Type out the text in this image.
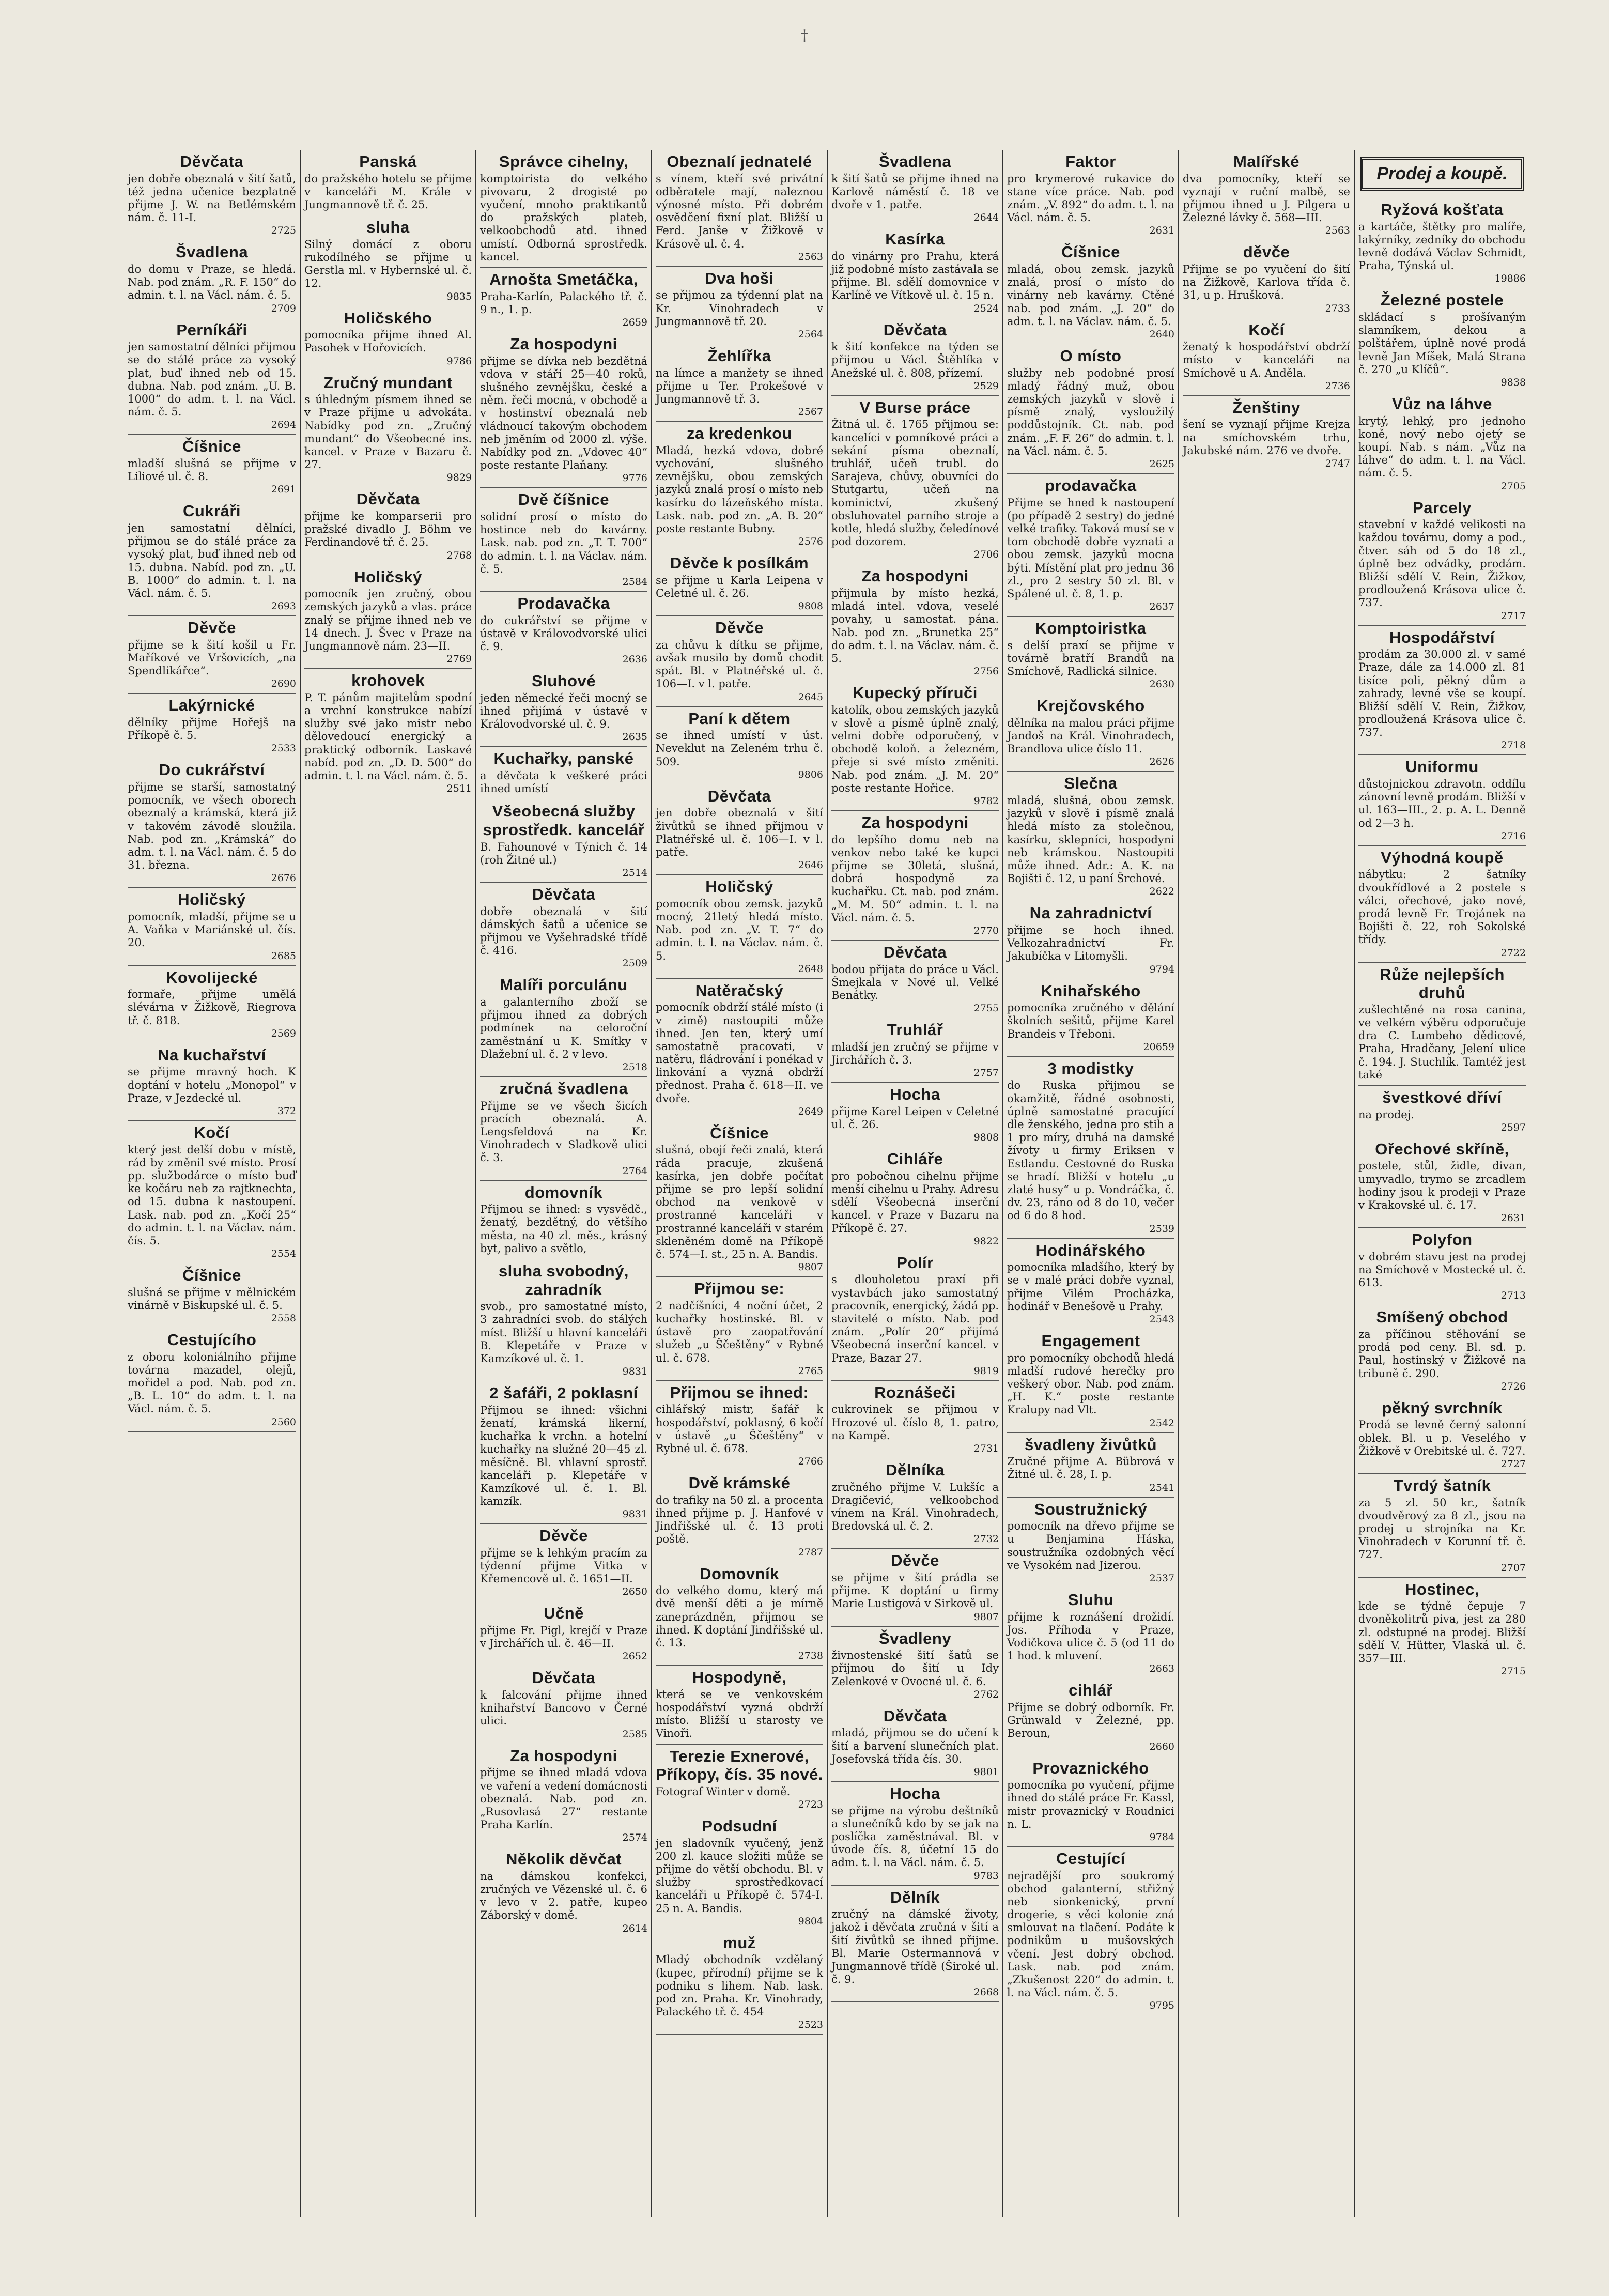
†
Děvčata

jen dobře obeznalá v šití šatů, též jedna učenice bezplatně přijme J. W. na Betlémském nám. č. 11-I.

2725
Švadlena

do domu v Praze, se hledá. Nab. pod znám. „R. F. 150“ do admin. t. l. na Václ. nám. č. 5.

2709
Perníkáři

jen samostatní dělníci přijmou se do stálé práce za vysoký plat, buď ihned neb od 15. dubna. Nab. pod znám. „U. B. 1000“ do adm. t. l. na Václ. nám. č. 5.

2694
Číšnice

mladší slušná se přijme v Liliové ul. č. 8.

2691
Cukráři

jen samostatní dělníci, přijmou se do stálé práce za vysoký plat, buď ihned neb od 15. dubna. Nabíd. pod zn. „U. B. 1000“ do admin. t. l. na Václ. nám. č. 5.

2693
Děvče

přijme se k šití košil u Fr. Maříkové ve Vršovicích, „na Spendlikářce“.

2690
Lakýrnické

dělníky přijme Hořejš na Příkopě č. 5.

2533
Do cukrářství

přijme se starší, samostatný pomocník, ve všech oborech obeznalý a krámská, která již v takovém závodě sloužila. Nab. pod zn. „Krámská“ do adm. t. l. na Václ. nám. č. 5 do 31. března.

2676
Holičský

pomocník, mladší, přijme se u A. Vaňka v Mariánské ul. čís. 20.

2685
Kovolijecké

formaře, přijme umělá slévárna v Žižkově, Riegrova tř. č. 818.

2569
Na kuchařství

se přijme mravný hoch. K doptání v hotelu „Monopol“ v Praze, v Jezdecké ul.

372
Kočí

který jest delší dobu v místě, rád by změnil své místo. Prosí pp. službodárce o místo buď ke kočáru neb za rajtknechta, od 15. dubna k nastoupení. Lask. nab. pod zn. „Kočí 25“ do admin. t. l. na Václav. nám. čís. 5.

2554
Číšnice

slušná se přijme v mělnickém vinárně v Biskupské ul. č. 5.

2558
Cestujícího

z oboru koloniálního přijme továrna mazadel, olejů, mořidel a pod. Nab. pod zn. „B. L. 10“ do adm. t. l. na Václ. nám. č. 5.

2560
Panská

do pražského hotelu se přijme v kanceláři M. Krále v Jungmannově tř. č. 25.

sluha

Silný domácí z oboru rukodílného se přijme u Gerstla ml. v Hybernské ul. č. 12.

9835
Holičského

pomocníka přijme ihned Al. Pasohek v Hořovicích.

9786
Zručný mundant

s úhledným písmem ihned se v Praze přijme u advokáta. Nabídky pod zn. „Zručný mundant“ do Všeobecné ins. kancel. v Praze v Bazaru č. 27.

9829
Děvčata

přijme ke komparserii pro pražské divadlo J. Böhm ve Ferdinandově tř. č. 25.

2768
Holičský

pomocník jen zručný, obou zemských jazyků a vlas. práce znalý se přijme ihned neb ve 14 dnech. J. Švec v Praze na Jungmannově nám. 23—II.

2769
krohovek

P. T. pánům majitelům spodní a vrchní konstrukce nabízí služby své jako mistr nebo dělovedoucí energický a praktický odborník. Laskavé nabíd. pod zn. „D. D. 500“ do admin. t. l. na Václ. nám. č. 5.

2511
Správce cihelny,

komptoirista do velkého pivovaru, 2 drogisté po vyučení, mnoho praktikantů do pražských plateb, velkoobchodů atd. ihned umístí. Odborná sprostředk. kancel.

Arnošta Smetáčka,

Praha-Karlín, Palackého tř. č. 9 n., 1. p.

2659
Za hospodyni

přijme se dívka neb bezdětná vdova v stáří 25—40 roků, slušného zevnějšku, české a něm. řeči mocná, v obchodě a v hostinství obeznalá neb vládnoucí takovým obchodem neb jměním od 2000 zl. výše. Nabídky pod zn. „Vdovec 40“ poste restante Plaňany.

9776
Dvě číšnice

solidní prosí o místo do hostince neb do kavárny. Lask. nab. pod zn. „T. T. 700“ do admin. t. l. na Václav. nám. č. 5.

2584
Prodavačka

do cukrářství se přijme v ústavě v Královodvorské ulici č. 9.

2636
Sluhové

jeden německé řeči mocný se ihned přijímá v ústavě v Královodvorské ul. č. 9.

2635
Kuchařky, panské

a děvčata k veškeré práci ihned umístí

Všeobecná služby sprostředk. kancelář

B. Fahounové v Týnich č. 14 (roh Žitné ul.)

2514
Děvčata

dobře obeznalá v šití dámských šatů a učenice se přijmou ve Vyšehradské třídě č. 416.

2509
Malíři porculánu

a galanterního zboží se přijmou ihned za dobrých podmínek na celoroční zaměstnání u K. Smítky v Dlažební ul. č. 2 v levo.

2518
zručná švadlena

Přijme se ve všech šicích pracích obeznalá. A. Lengsfeldová na Kr. Vinohradech v Sladkově ulici č. 3.

2764
domovník

Přijmou se ihned: s vysvědč., ženatý, bezdětný, do většího města, na 40 zl. měs., krásný byt, palivo a světlo,

sluha svobodný, zahradník

svob., pro samostatné místo, 3 zahradníci svob. do stálých míst. Bližší u hlavní kanceláři B. Klepetáře v Praze v Kamzíkové ul. č. 1.

9831
2 šafáři, 2 poklasní

Přijmou se ihned: všichni ženatí, krámská likerní, kuchařka k vrchn. a hotelní kuchařky na služné 20—45 zl. měsíčně. Bl. vhlavní sprostř. kanceláři p. Klepetáře v Kamzíkové ul. č. 1. Bl. kamzík.

9831
Děvče

přijme se k lehkým pracím za týdenní přijme Vitka v Křemencově ul. č. 1651—II.

2650
Učně

přijme Fr. Pigl, krejčí v Praze v Jirchářích ul. č. 46—II.

2652
Děvčata

k falcování přijme ihned knihařství Bancovo v Černé ulici.

2585
Za hospodyni

přijme se ihned mladá vdova ve vaření a vedení domácnosti obeznalá. Nab. pod zn. „Rusovlasá 27“ restante Praha Karlín.

2574
Několik děvčat

na dámskou konfekci, zručných ve Vězenské ul. č. 6 v levo v 2. patře, kupeo Záborský v domě.

2614
Obeznalí jednatelé

s vínem, kteří své privátní odběratele mají, naleznou výnosné místo. Při dobrém osvědčení fixní plat. Bližší u Ferd. Janše v Žižkově v Krásově ul. č. 4.

2563
Dva hoši

se přijmou za týdenní plat na Kr. Vinohradech v Jungmannově tř. 20.

2564
Žehlířka

na límce a manžety se ihned přijme u Ter. Prokešové v Jungmannově tř. 3.

2567
za kredenkou

Mladá, hezká vdova, dobré vychování, slušného zevnějšku, obou zemských jazyků znalá prosí o místo neb kasírku do lázeňského místa. Lask. nab. pod zn. „A. B. 20“ poste restante Bubny.

2576
Děvče k posílkám

se přijme u Karla Leipena v Celetné ul. č. 26.

9808
Děvče

za chůvu k dítku se přijme, avšak musilo by domů chodit spát. Bl. v Platnéřské ul. č. 106—I. v l. patře.

2645
Paní k dětem

se ihned umístí v úst. Neveklut na Zeleném trhu č. 509.

9806
Děvčata

jen dobře obeznalá v šití živůtků se ihned přijmou v Platnéřské ul. č. 106—I. v l. patře.

2646
Holičský

pomocník obou zemsk. jazyků mocný, 21letý hledá místo. Nab. pod zn. „V. T. 7“ do admin. t. l. na Václav. nám. č. 5.

2648
Natěračský

pomocník obdrží stálé místo (i v zimě) nastoupiti může ihned. Jen ten, který umí samostatně pracovati, v natěru, fládrování i ponékad v linkování a vyzná obdrží přednost. Praha č. 618—II. ve dvoře.

2649
Číšnice

slušná, obojí řeči znalá, která ráda pracuje, zkušená kasírka, jen dobře počítat přijme se pro lepší solidní obchod na venkově v prostranné kanceláři v prostranné kanceláři v starém skleněném domě na Příkopě č. 574—I. st., 25 n. A. Bandis.

9807
Přijmou se:

2 nadčíšníci, 4 noční účet, 2 kuchařky hostinské. Bl. v ústavě pro zaopatřování služeb „u Ščeštěny“ v Rybné ul. č. 678.

2765
Přijmou se ihned:

cihlářský mistr, šafář k hospodářství, poklasný, 6 kočí v ústavě „u Ščeštěny“ v Rybné ul. č. 678.

2766
Dvě krámské

do trafiky na 50 zl. a procenta ihned přijme p. J. Hanfové v Jindřišské ul. č. 13 proti poště.

2787
Domovník

do velkého domu, který má dvě menší děti a je mírně zaneprázdněn, přijmou se ihned. K doptání Jindřišské ul. č. 13.

2738
Hospodyně,

která se ve venkovském hospodářství vyzná obdrží místo. Bližší u starosty ve Vinoři.

Terezie Exnerové, Příkopy, čís. 35 nové.

Fotograf Winter v domě.

2723
Podsudní

jen sladovník vyučený, jenž 200 zl. kauce složiti může se přijme do větší obchodu. Bl. v služby sprostředkovací kanceláři u Příkopě č. 574-I. 25 n. A. Bandis.

9804
muž

Mladý obchodník vzdělaný (kupec, přírodní) přijme se k podniku s lihem. Nab. lask. pod zn. Praha. Kr. Vinohrady, Palackého tř. č. 454

2523
Švadlena

k šití šatů se přijme ihned na Karlově náměstí č. 18 ve dvoře v 1. patře.

2644
Kasírka

do vinárny pro Prahu, která již podobné místo zastávala se přijme. Bl. sdělí domovnice v Karlíně ve Vítkově ul. č. 15 n.

2524
Děvčata

k šití konfekce na týden se přijmou u Václ. Štěhlíka v Anežské ul. č. 808, přízemí.

2529
V Burse práce

Žitná ul. č. 1765 přijmou se: kancelíci v pomníkové práci a sekání písma obeznalí, truhlář, učeň trubl. do Sarajeva, chůvy, obuvníci do Stutgartu, učeň na kominictví, zkušený obsluhovatel parního stroje a kotle, hledá služby, čeledínové pod dozorem.

2706
Za hospodyni

přijmula by místo hezká, mladá intel. vdova, veselé povahy, u samostat. pána. Nab. pod zn. „Brunetka 25“ do adm. t. l. na Václav. nám. č. 5.

2756
Kupecký příruči

katolík, obou zemských jazyků v slově a písmě úplně znalý, velmi dobře odporučený, v obchodě koloň. a železném, přeje si své místo změniti. Nab. pod znám. „J. M. 20“ poste restante Hořice.

9782
Za hospodyni

do lepšího domu neb na venkov nebo také ke kupci přijme se 30letá, slušná, dobrá hospodyně za kuchařku. Ct. nab. pod znám. „M. M. 50“ admin. t. l. na Václ. nám. č. 5.

2770
Děvčata

bodou přijata do práce u Václ. Šmejkala v Nové ul. Velké Benátky.

2755
Truhlář

mladší jen zručný se přijme v Jirchářích č. 3.

2757
Hocha

přijme Karel Leipen v Celetné ul. č. 26.

9808
Cihláře

pro pobočnou cihelnu přijme menší cihelnu u Prahy. Adresu sdělí Všeobecná inserční kancel. v Praze v Bazaru na Příkopě č. 27.

9822
Polír

s dlouholetou praxí při vystavbách jako samostatný pracovník, energický, žádá pp. stavitelé o místo. Nab. pod znám. „Polír 20“ přijímá Všeobecná inserční kancel. v Praze, Bazar 27.

9819
Roznášeči

cukrovinek se přijmou v Hrozové ul. číslo 8, 1. patro, na Kampě.

2731
Dělníka

zručného přijme V. Lukšíc a Dragičević, velkoobchod vínem na Král. Vinohradech, Bredovská ul. č. 2.

2732
Děvče

se přijme v šití prádla se přijme. K doptání u firmy Marie Lustigová v Sirkově ul.

9807
Švadleny

živnostenské šití šatů se přijmou do šití u Idy Zelenkové v Ovocné ul. č. 6.

2762
Děvčata

mladá, přijmou se do učení k šití a barvení slunečních plat. Josefovská třída čís. 30.

9801
Hocha

se přijme na výrobu deštníků a slunečníků kdo by se jak na poslíčka zaměstnával. Bl. v úvode čís. 8, účetní 15 do adm. t. l. na Václ. nám. č. 5.

9783
Dělník

zručný na dámské životy, jakož i děvčata zručná v šití a šití živůtků se ihned přijme. Bl. Marie Ostermannová v Jungmannově třídě (Široké ul. č. 9.

2668
Faktor

pro krymerové rukavice do stane více práce. Nab. pod znám. „V. 892“ do adm. t. l. na Václ. nám. č. 5.

2631
Číšnice

mladá, obou zemsk. jazyků znalá, prosí o místo do vinárny neb kavárny. Ctěné nab. pod znám. „J. 20“ do adm. t. l. na Václav. nám. č. 5.

2640
O místo

služby neb podobné prosí mladý řádný muž, obou zemských jazyků v slově i písmě znalý, vysloužilý poddůstojník. Ct. nab. pod znám. „F. F. 26“ do admin. t. l. na Václ. nám. č. 5.

2625
prodavačka

Přijme se hned k nastoupení (po případě 2 sestry) do jedné velké trafiky. Taková musí se v tom obchodě dobře vyznati a obou zemsk. jazyků mocna býti. Místění plat pro jednu 36 zl., pro 2 sestry 50 zl. Bl. v Spálené ul. č. 8, 1. p.

2637
Komptoiristka

s delší praxí se přijme v továrně bratří Brandů na Smíchově, Radlická silnice.

2630
Krejčovského

dělníka na malou práci přijme Jandoš na Král. Vinohradech, Brandlova ulice číslo 11.

2626
Slečna

mladá, slušná, obou zemsk. jazyků v slově i písmě znalá hledá místo za stolečnou, kasírku, sklepníci, hospodyni neb krámskou. Nastoupiti může ihned. Adr.: A. K. na Bojišti č. 12, u paní Šrchové.

2622
Na zahradnictví

přijme se hoch ihned. Velkozahradnictví Fr. Jakubíčka v Litomyšli.

9794
Knihařského

pomocníka zručného v dělání školních sešitů, přijme Karel Brandeis v Třeboni.

20659
3 modistky

do Ruska přijmou se okamžitě, řádné osobnosti, úplně samostatné pracující dle ženského, jedna pro stih a 1 pro míry, druhá na damské žívoty u firmy Eriksen v Estlandu. Cestovné do Ruska se hradí. Bližší v hotelu „u zlaté husy“ u p. Vondráčka, č. dv. 23, ráno od 8 do 10, večer od 6 do 8 hod.

2539
Hodinářského

pomocníka mladšího, který by se v malé práci dobře vyznal, přijme Vilém Procházka, hodinář v Benešově u Prahy.

2543
Engagement

pro pomocníky obchodů hledá mladší rudové herečky pro veškerý obor. Nab. pod znám. „H. K.“ poste restante Kralupy nad Vlt.

2542
švadleny živůtků

Zručné přijme A. Bübrová v Žitné ul. č. 28, I. p.

2541
Soustružnický

pomocník na dřevo přijme se u Benjamina Háska, soustružníka ozdobných věcí ve Vysokém nad Jizerou.

2537
Sluhu

přijme k roznášení drožidí. Jos. Příhoda v Praze, Vodičkova ulice č. 5 (od 11 do 1 hod. k mluvení.

2663
cihlář

Přijme se dobrý odborník. Fr. Grünwald v Železné, pp. Beroun,

2660
Provaznického

pomocníka po vyučení, přijme ihned do stálé práce Fr. Kassl, mistr provaznický v Roudnici n. L.

9784
Cestující

nejradější pro soukromý obchod galanterní, střižný neb sionkenický, první drogerie, s věci kolonie zná smlouvat na tlačení. Podáte k podnikům u mušovských včení. Jest dobrý obchod. Lask. nab. pod znám. „Zkušenost 220“ do admin. t. l. na Václ. nám. č. 5.

9795
Malířské

dva pomocníky, kteří se vyznají v ruční malbě, se přijmou ihned u J. Pilgera u Železné lávky č. 568—III.

2563
děvče

Přijme se po vyučení do šití na Žižkově, Karlova třída č. 31, u p. Hrušková.

2733
Kočí

ženatý k hospodářství obdrží místo v kanceláři na Smíchově u A. Anděla.

2736
Ženštiny

šení se vyznají přijme Krejza na smíchovském trhu, Jakubské nám. 276 ve dvoře.

2747
Prodej a koupě.
Ryžová košťata

a kartáče, štětky pro malíře, lakýrníky, zedníky do obchodu levně dodává Václav Schmidt, Praha, Týnská ul.

19886
Železné postele

skládací s prošívaným slamníkem, dekou a polštářem, úplně nové prodá levně Jan Míšek, Malá Strana č. 270 „u Klíčů“.

9838
Vůz na láhve

krytý, lehký, pro jednoho koně, nový nebo ojetý se koupí. Nab. s nám. „Vůz na láhve“ do adm. t. l. na Václ. nám. č. 5.

2705
Parcely

stavební v každé velikosti na každou továrnu, domy a pod., čtver. sáh od 5 do 18 zl., úplně bez odvádky, prodám. Bližší sdělí V. Rein, Žižkov, prodloužená Krásova ulice č. 737.

2717
Hospodářství

prodám za 30.000 zl. v samé Praze, dále za 14.000 zl. 81 tisíce poli, pěkný dům a zahrady, levné vše se koupí. Bližší sdělí V. Rein, Žižkov, prodloužená Krásova ulice č. 737.

2718
Uniformu

důstojnickou zdravotn. oddílu zánovní levně prodám. Bližší v ul. 163—III., 2. p. A. L. Denně od 2—3 h.

2716
Výhodná koupě

nábytku: 2 šatníky dvoukřídlové a 2 postele s válci, ořechové, jako nové, prodá levně Fr. Trojánek na Bojišti č. 22, roh Sokolské třídy.

2722
Růže nejlepších druhů

zušlechtěné na rosa canina, ve velkém výběru odporučuje dra C. Lumbeho dědicové, Praha, Hradčany, Jelení ulice č. 194. J. Stuchlík. Tamtéž jest také

švestkové dříví

na prodej.

2597
Ořechové skříně,

postele, stůl, židle, divan, umyvadlo, trymo se zrcadlem hodiny jsou k prodeji v Praze v Krakovské ul. č. 17.

2631
Polyfon

v dobrém stavu jest na prodej na Smíchově v Mostecké ul. č. 613.

2713
Smíšený obchod

za příčinou stěhování se prodá pod ceny. Bl. sd. p. Paul, hostinský v Žižkově na tribuně č. 290.

2726
pěkný svrchník

Prodá se levně černý salonní oblek. Bl. u p. Veselého v Žižkově v Orebitské ul. č. 727.

2727
Tvrdý šatník

za 5 zl. 50 kr., šatník dvoudvěrový za 8 zl., jsou na prodej u strojníka na Kr. Vinohradech v Korunní tř. č. 727.

2707
Hostinec,

kde se týdně čepuje 7 dvoněkolitrů piva, jest za 280 zl. odstupné na prodej. Bližší sdělí V. Hütter, Vlaská ul. č. 357—III.

2715
